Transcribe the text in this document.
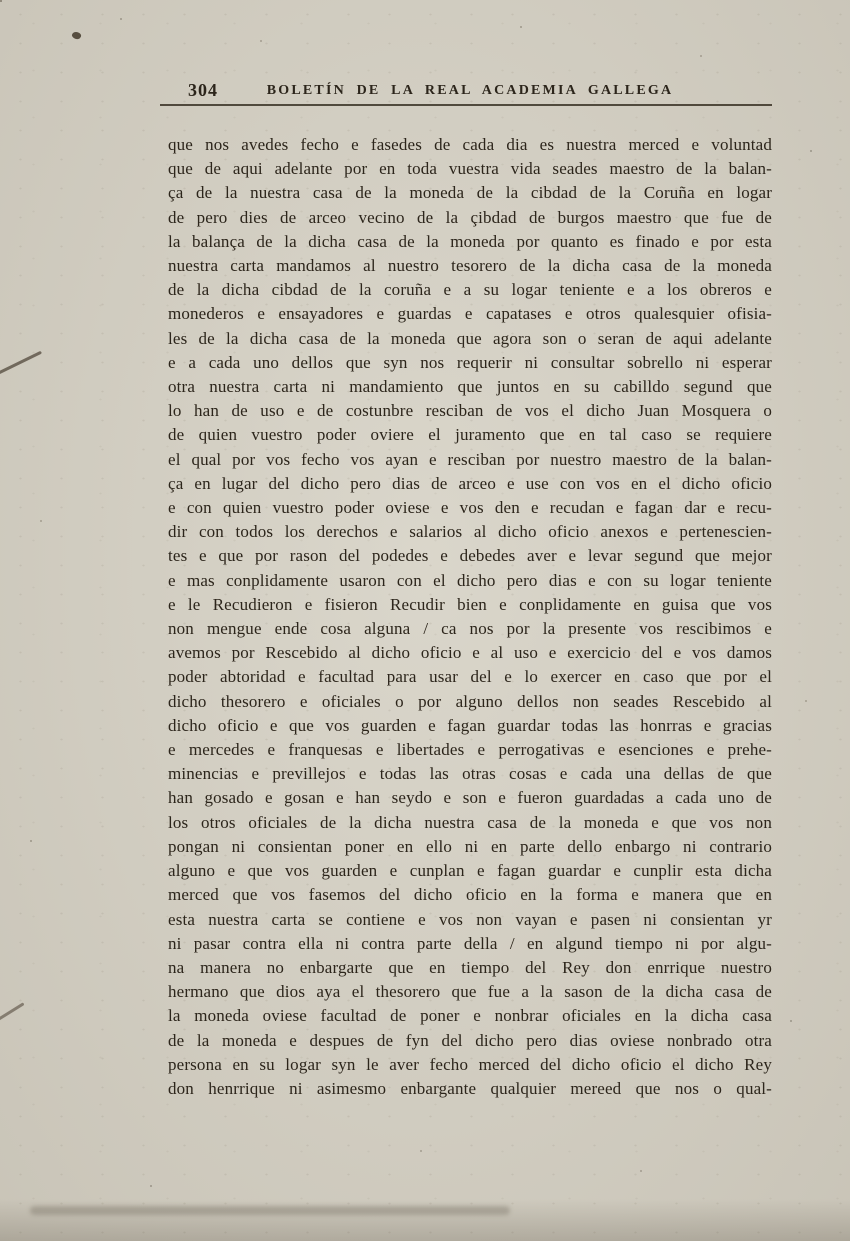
304	BOLETÍN DE LA REAL ACADEMIA GALLEGA
que nos avedes fecho e fasedes de cada dia es nuestra merced e voluntad
que de aqui adelante por en toda vuestra vida seades maestro de la balan-
ça de la nuestra casa de la moneda de la cibdad de la Coruña en logar
de pero dies de arceo vecino de la çibdad de burgos maestro que fue de
la balança de la dicha casa de la moneda por quanto es finado e por esta
nuestra carta mandamos al nuestro tesorero de la dicha casa de la moneda
de la dicha cibdad de la coruña e a su logar teniente e a los obreros e
monederos e ensayadores e guardas e capatases e otros qualesquier ofisia-
les de la dicha casa de la moneda que agora son o seran de aqui adelante
e a cada uno dellos que syn nos requerir ni consultar sobrello ni esperar
otra nuestra carta ni mandamiento que juntos en su cabilldo segund que
lo han de uso e de costunbre resciban de vos el dicho Juan Mosquera o
de quien vuestro poder oviere el juramento que en tal caso se requiere
el qual por vos fecho vos ayan e resciban por nuestro maestro de la balan-
ça en lugar del dicho pero dias de arceo e use con vos en el dicho oficio
e con quien vuestro poder oviese e vos den e recudan e fagan dar e recu-
dir con todos los derechos e salarios al dicho oficio anexos e pertenescien-
tes e que por rason del podedes e debedes aver e levar segund que mejor
e mas conplidamente usaron con el dicho pero dias e con su logar teniente
e le Recudieron e fisieron Recudir bien e conplidamente en guisa que vos
non mengue ende cosa alguna / ca nos por la presente vos rescibimos e
avemos por Rescebido al dicho oficio e al uso e exercicio del e vos damos
poder abtoridad e facultad para usar del e lo exercer en caso que por el
dicho thesorero e oficiales o por alguno dellos non seades Rescebido al
dicho oficio e que vos guarden e fagan guardar todas las honrras e gracias
e mercedes e franquesas e libertades e perrogativas e esenciones e prehe-
minencias e previllejos e todas las otras cosas e cada una dellas de que
han gosado e gosan e han seydo e son e fueron guardadas a cada uno de
los otros oficiales de la dicha nuestra casa de la moneda e que vos non
pongan ni consientan poner en ello ni en parte dello enbargo ni contrario
alguno e que vos guarden e cunplan e fagan guardar e cunplir esta dicha
merced que vos fasemos del dicho oficio en la forma e manera que en
esta nuestra carta se contiene e vos non vayan e pasen ni consientan yr
ni pasar contra ella ni contra parte della / en algund tiempo ni por algu-
na manera no enbargarte que en tiempo del Rey don enrrique nuestro
hermano que dios aya el thesorero que fue a la sason de la dicha casa de
la moneda oviese facultad de poner e nonbrar oficiales en la dicha casa
de la moneda e despues de fyn del dicho pero dias oviese nonbrado otra
persona en su logar syn le aver fecho merced del dicho oficio el dicho Rey
don henrrique ni asimesmo enbargante qualquier mereed que nos o qual-
